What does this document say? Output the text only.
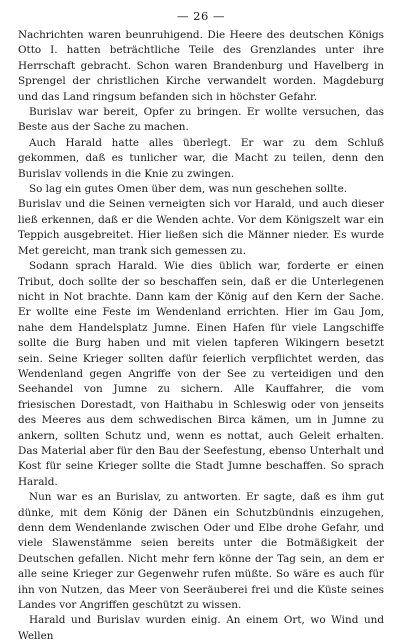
— 26 —

Nachrichten waren beunruhigend. Die Heere des deutschen Königs Otto I. hatten beträchtliche Teile des Grenzlandes unter ihre Herrschaft gebracht. Schon waren Brandenburg und Havelberg in Sprengel der christlichen Kirche verwandelt worden. Magdeburg und das Land ringsum befanden sich in höchster Gefahr.

Burislav war bereit, Opfer zu bringen. Er wollte versuchen, das Beste aus der Sache zu machen.

Auch Harald hatte alles überlegt. Er war zu dem Schluß gekommen, daß es tunlicher war, die Macht zu teilen, denn den Burislav vollends in die Knie zu zwingen.

So lag ein gutes Omen über dem, was nun geschehen sollte.

Burislav und die Seinen verneigten sich vor Harald, und auch dieser ließ erkennen, daß er die Wenden achte. Vor dem Königszelt war ein Teppich ausgebreitet. Hier ließen sich die Männer nieder. Es wurde Met gereicht, man trank sich gemessen zu.

Sodann sprach Harald. Wie dies üblich war, forderte er einen Tribut, doch sollte der so beschaffen sein, daß er die Unterlegenen nicht in Not brachte. Dann kam der König auf den Kern der Sache. Er wollte eine Feste im Wendenland errichten. Hier im Gau Jom, nahe dem Handelsplatz Jumne. Einen Hafen für viele Langschiffe sollte die Burg haben und mit vielen tapferen Wikingern besetzt sein. Seine Krieger sollten dafür feierlich verpflichtet werden, das Wendenland gegen Angriffe von der See zu verteidigen und den Seehandel von Jumne zu sichern. Alle Kauffahrer, die vom friesischen Dorestadt, von Haithabu in Schleswig oder von jenseits des Meeres aus dem schwedischen Birca kämen, um in Jumne zu ankern, sollten Schutz und, wenn es nottat, auch Geleit erhalten. Das Material aber für den Bau der Seefestung, ebenso Unterhalt und Kost für seine Krieger sollte die Stadt Jumne beschaffen. So sprach Harald.

Nun war es an Burislav, zu antworten. Er sagte, daß es ihm gut dünke, mit dem König der Dänen ein Schutzbündnis einzugehen, denn dem Wendenlande zwischen Oder und Elbe drohe Gefahr, und viele Slawenstämme seien bereits unter die Botmäßigkeit der Deutschen gefallen. Nicht mehr fern könne der Tag sein, an dem er alle seine Krieger zur Gegenwehr rufen müßte. So wäre es auch für ihn von Nutzen, das Meer von Seeräuberei frei und die Küste seines Landes vor Angriffen geschützt zu wissen.

Harald und Burislav wurden einig. An einem Ort, wo Wind und Wellen
